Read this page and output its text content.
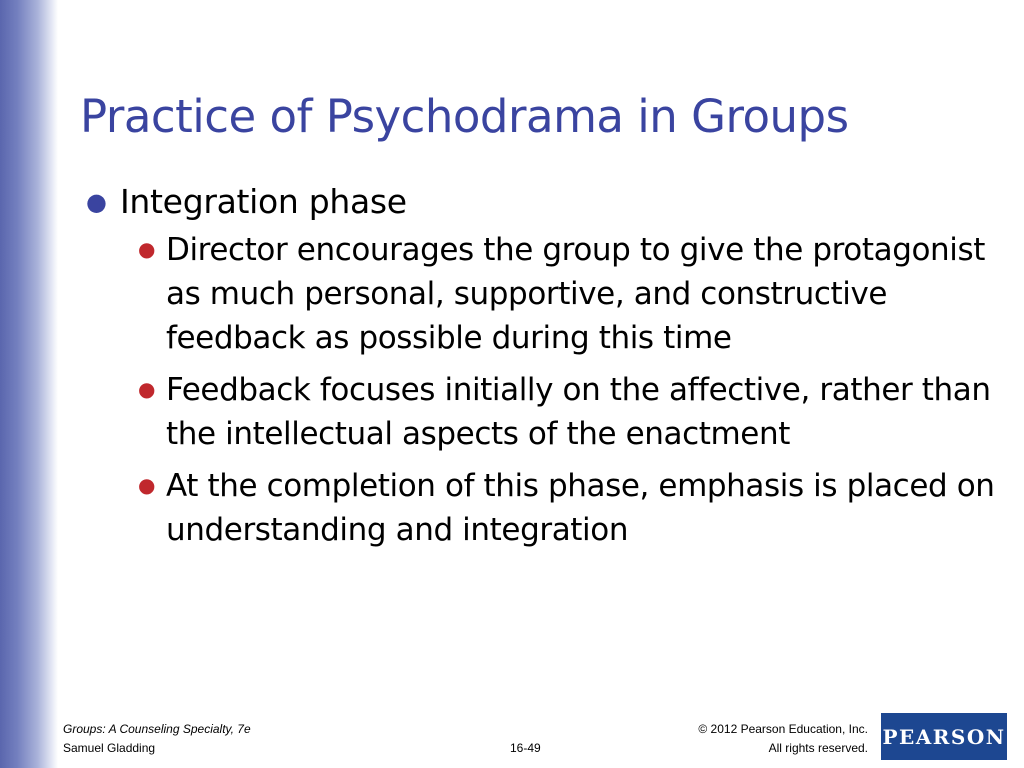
Practice of Psychodrama in Groups
● Integration phase
● Director encourages the group to give the protagonist as much personal, supportive, and constructive feedback as possible during this time
● Feedback focuses initially on the affective, rather than the intellectual aspects of the enactment
● At the completion of this phase, emphasis is placed on understanding and integration
Groups: A Counseling Specialty, 7e
Samuel Gladding	16-49
© 2012 Pearson Education, Inc.
All rights reserved. PEARSON
